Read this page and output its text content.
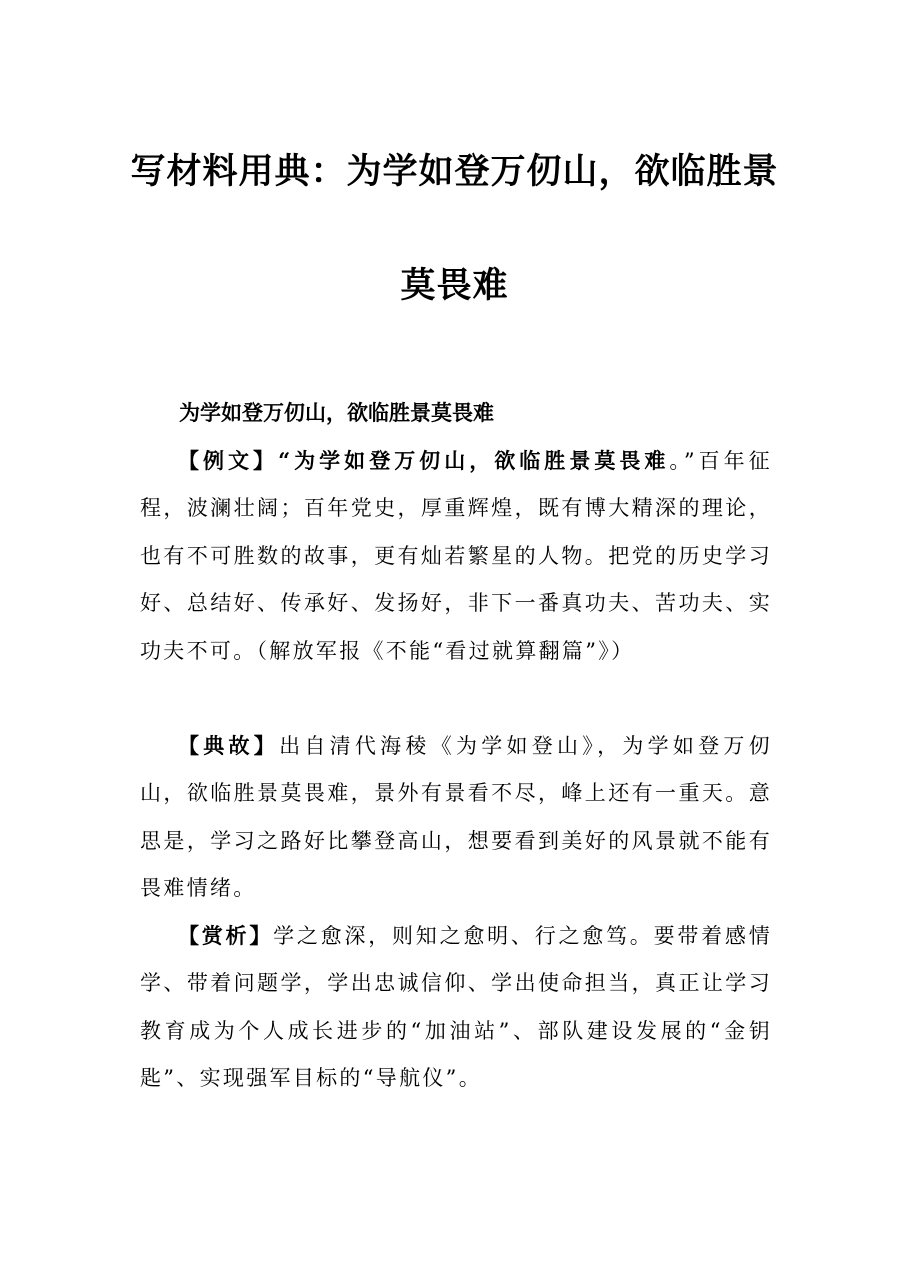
写材料用典：为学如登万仞山，欲临胜景
莫畏难
为学如登万仞山，欲临胜景莫畏难

【例文】“为学如登万仞山，欲临胜景莫畏难。”百年征程，波澜壮阔；百年党史，厚重辉煌，既有博大精深的理论，也有不可胜数的故事，更有灿若繁星的人物。把党的历史学习好、总结好、传承好、发扬好，非下一番真功夫、苦功夫、实功夫不可。（解放军报《不能“看过就算翻篇”》）

【典故】出自清代海稜《为学如登山》，为学如登万仞山，欲临胜景莫畏难，景外有景看不尽，峰上还有一重天。意思是，学习之路好比攀登高山，想要看到美好的风景就不能有畏难情绪。

【赏析】学之愈深，则知之愈明、行之愈笃。要带着感情学、带着问题学，学出忠诚信仰、学出使命担当，真正让学习教育成为个人成长进步的“加油站”、部队建设发展的“金钥匙”、实现强军目标的“导航仪”。
